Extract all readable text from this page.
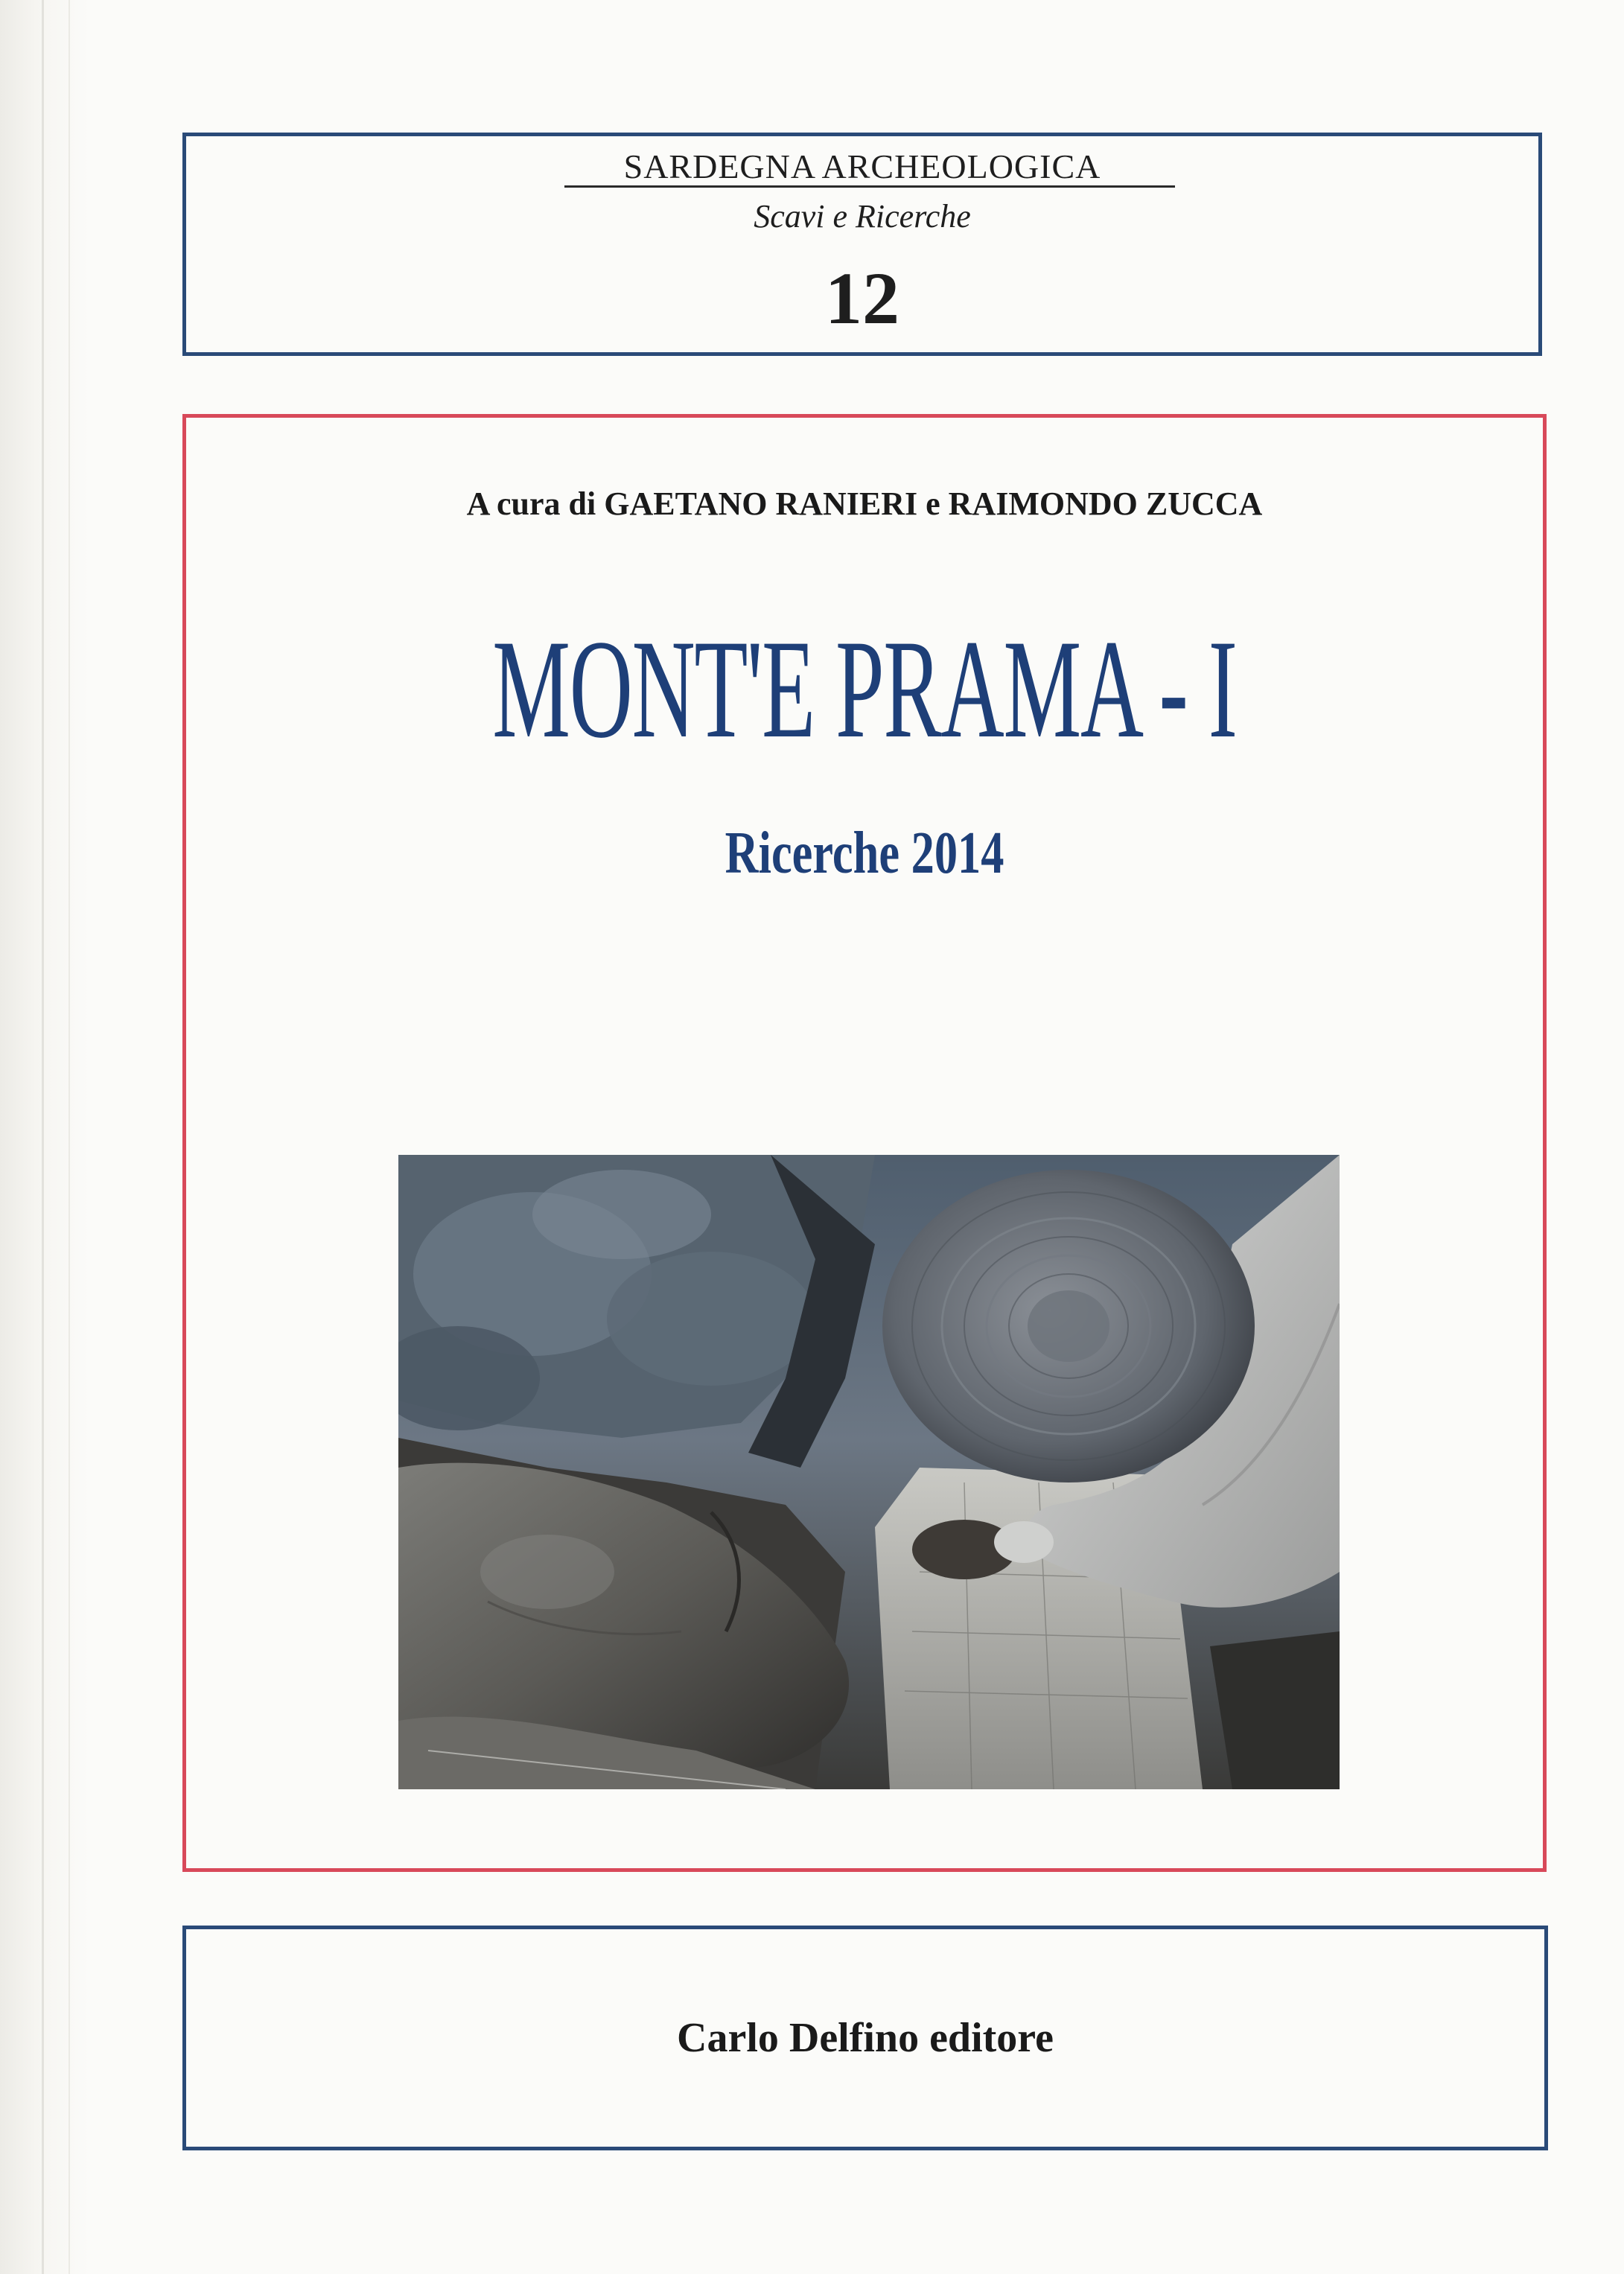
SARDEGNA ARCHEOLOGICA
Scavi e Ricerche
12
A cura di GAETANO RANIERI e RAIMONDO ZUCCA
MONT'E PRAMA - I
Ricerche 2014
Carlo Delfino editore
